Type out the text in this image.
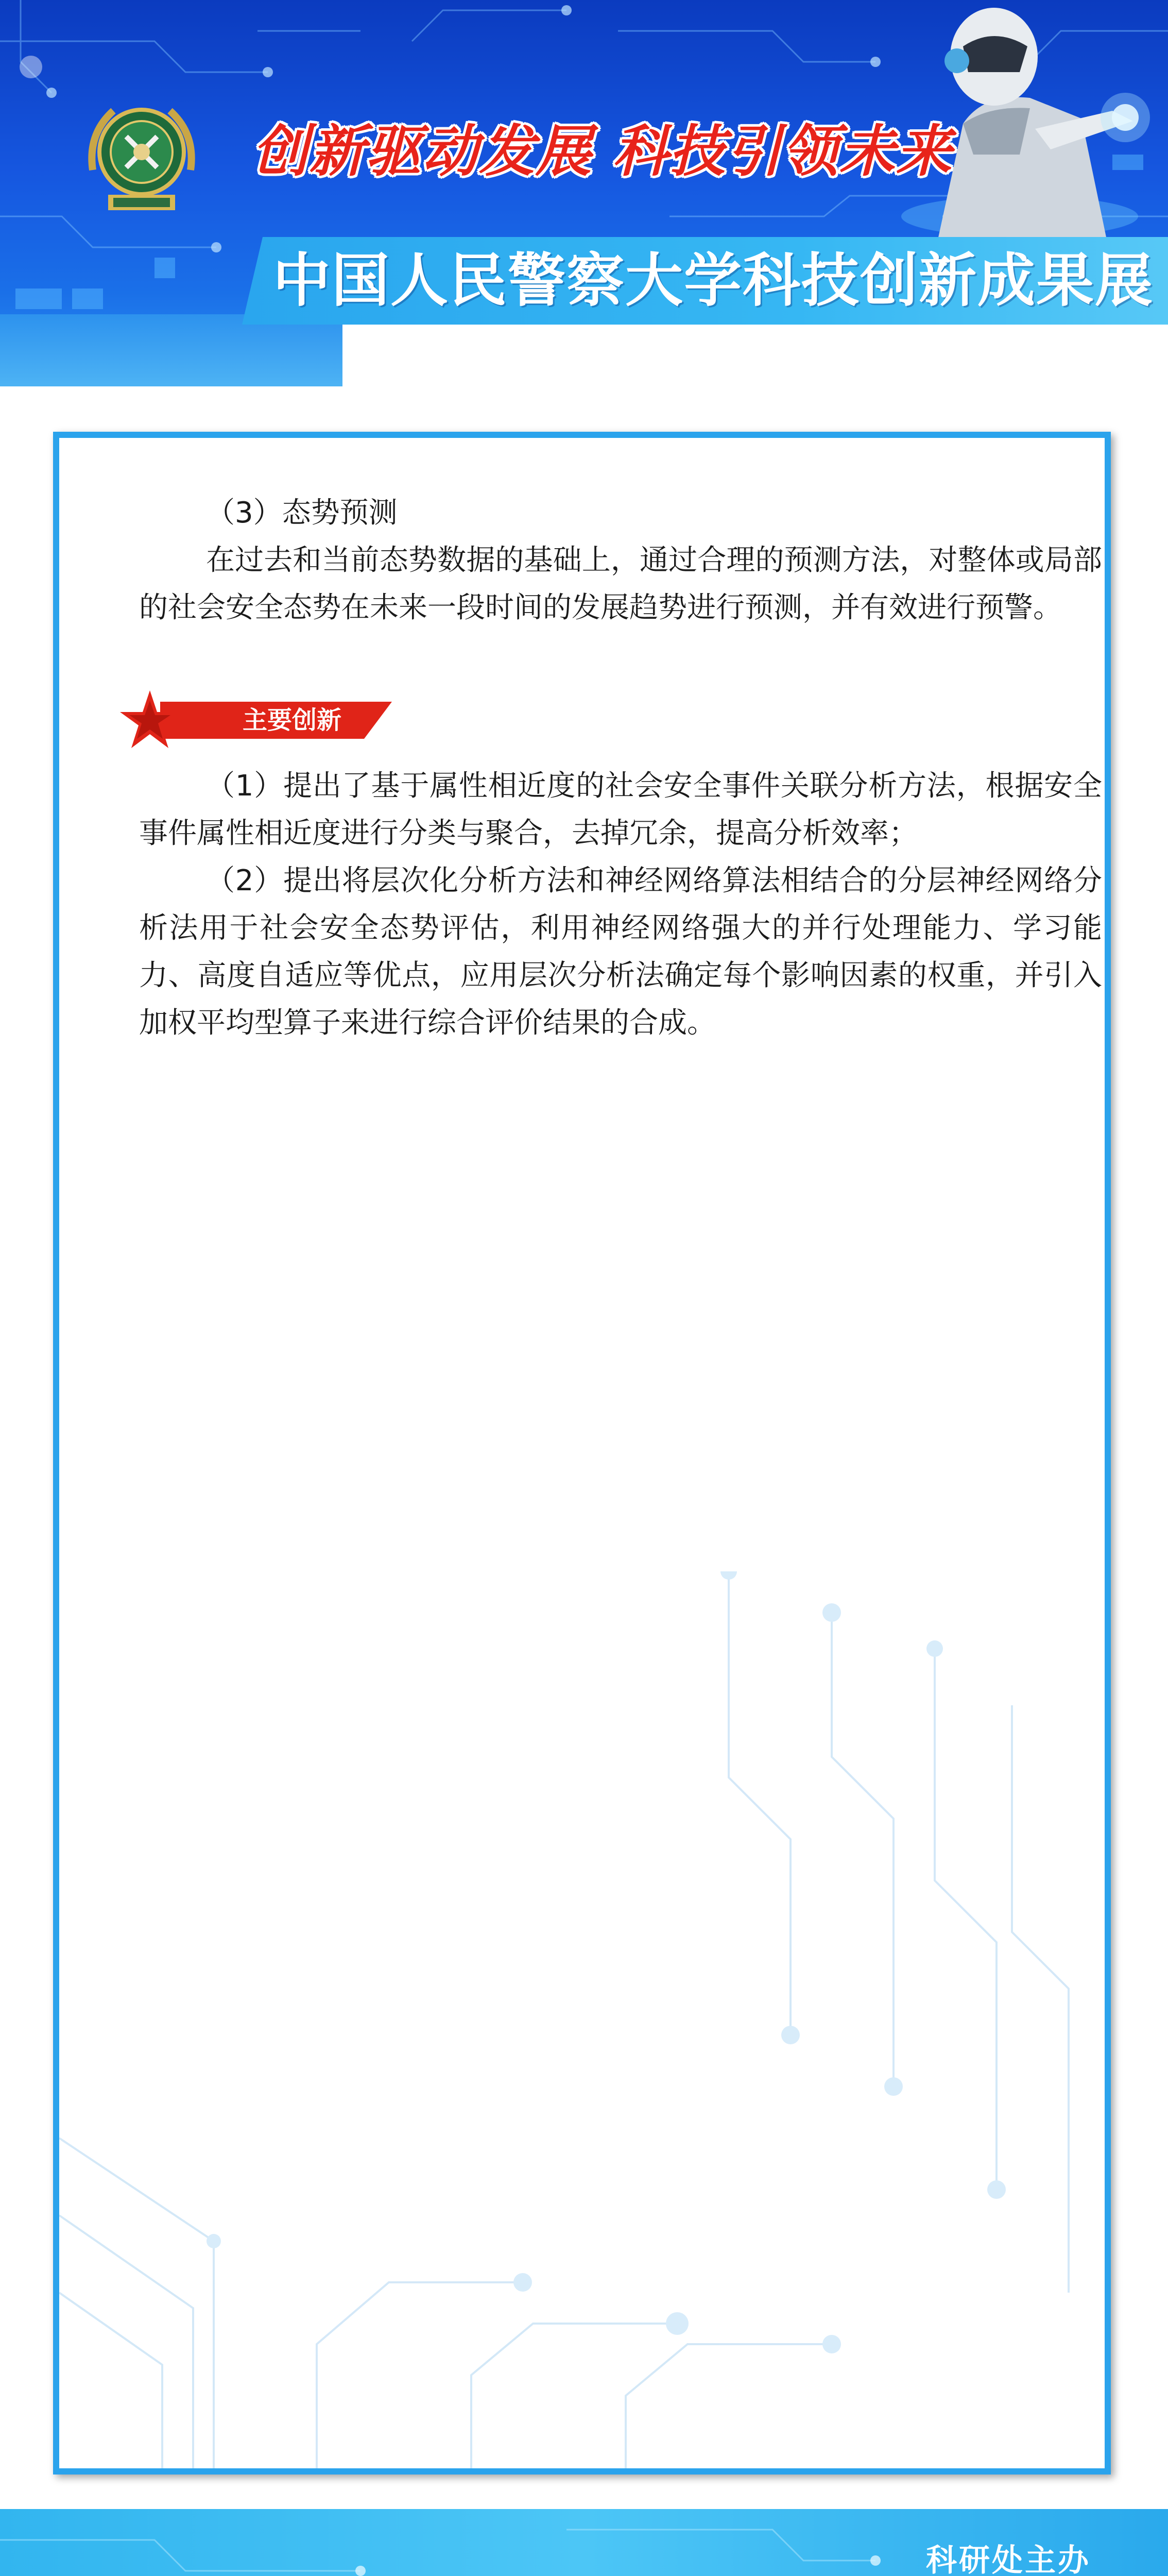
创新驱动发展 科技引领未来
中国人民警察大学科技创新成果展

（3）态势预测

在过去和当前态势数据的基础上，通过合理的预测方法，对整体或局部的社会安全态势在未来一段时间的发展趋势进行预测，并有效进行预警。

主要创新

（1）提出了基于属性相近度的社会安全事件关联分析方法，根据安全事件属性相近度进行分类与聚合，去掉冗余，提高分析效率；

（2）提出将层次化分析方法和神经网络算法相结合的分层神经网络分析法用于社会安全态势评估，利用神经网络强大的并行处理能力、学习能力、高度自适应等优点，应用层次分析法确定每个影响因素的权重，并引入加权平均型算子来进行综合评价结果的合成。

科研处主办
